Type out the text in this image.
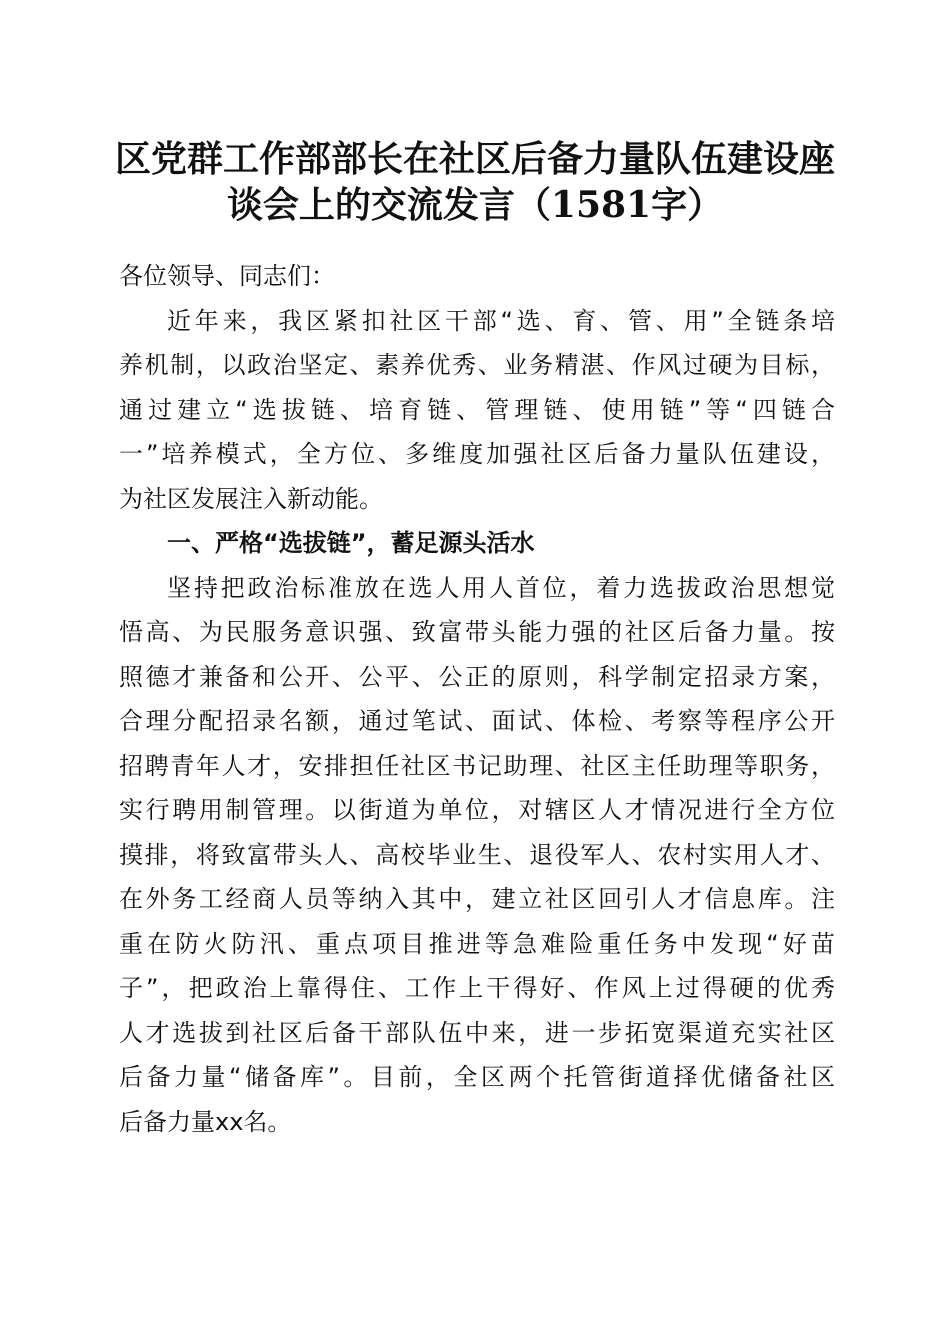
区党群工作部部长在社区后备力量队伍建设座
谈会上的交流发言（1581字）
各位领导、同志们：
近年来，我区紧扣社区干部“选、育、管、用”全链条培
养机制，以政治坚定、素养优秀、业务精湛、作风过硬为目标，
通过建立“选拔链、培育链、管理链、使用链”等“四链合
一”培养模式，全方位、多维度加强社区后备力量队伍建设，
为社区发展注入新动能。
一、严格“选拔链”，蓄足源头活水
坚持把政治标准放在选人用人首位，着力选拔政治思想觉
悟高、为民服务意识强、致富带头能力强的社区后备力量。按
照德才兼备和公开、公平、公正的原则，科学制定招录方案，
合理分配招录名额，通过笔试、面试、体检、考察等程序公开
招聘青年人才，安排担任社区书记助理、社区主任助理等职务，
实行聘用制管理。以街道为单位，对辖区人才情况进行全方位
摸排，将致富带头人、高校毕业生、退役军人、农村实用人才、
在外务工经商人员等纳入其中，建立社区回引人才信息库。注
重在防火防汛、重点项目推进等急难险重任务中发现“好苗
子”，把政治上靠得住、工作上干得好、作风上过得硬的优秀
人才选拔到社区后备干部队伍中来，进一步拓宽渠道充实社区
后备力量“储备库”。目前，全区两个托管街道择优储备社区
后备力量xx名。
